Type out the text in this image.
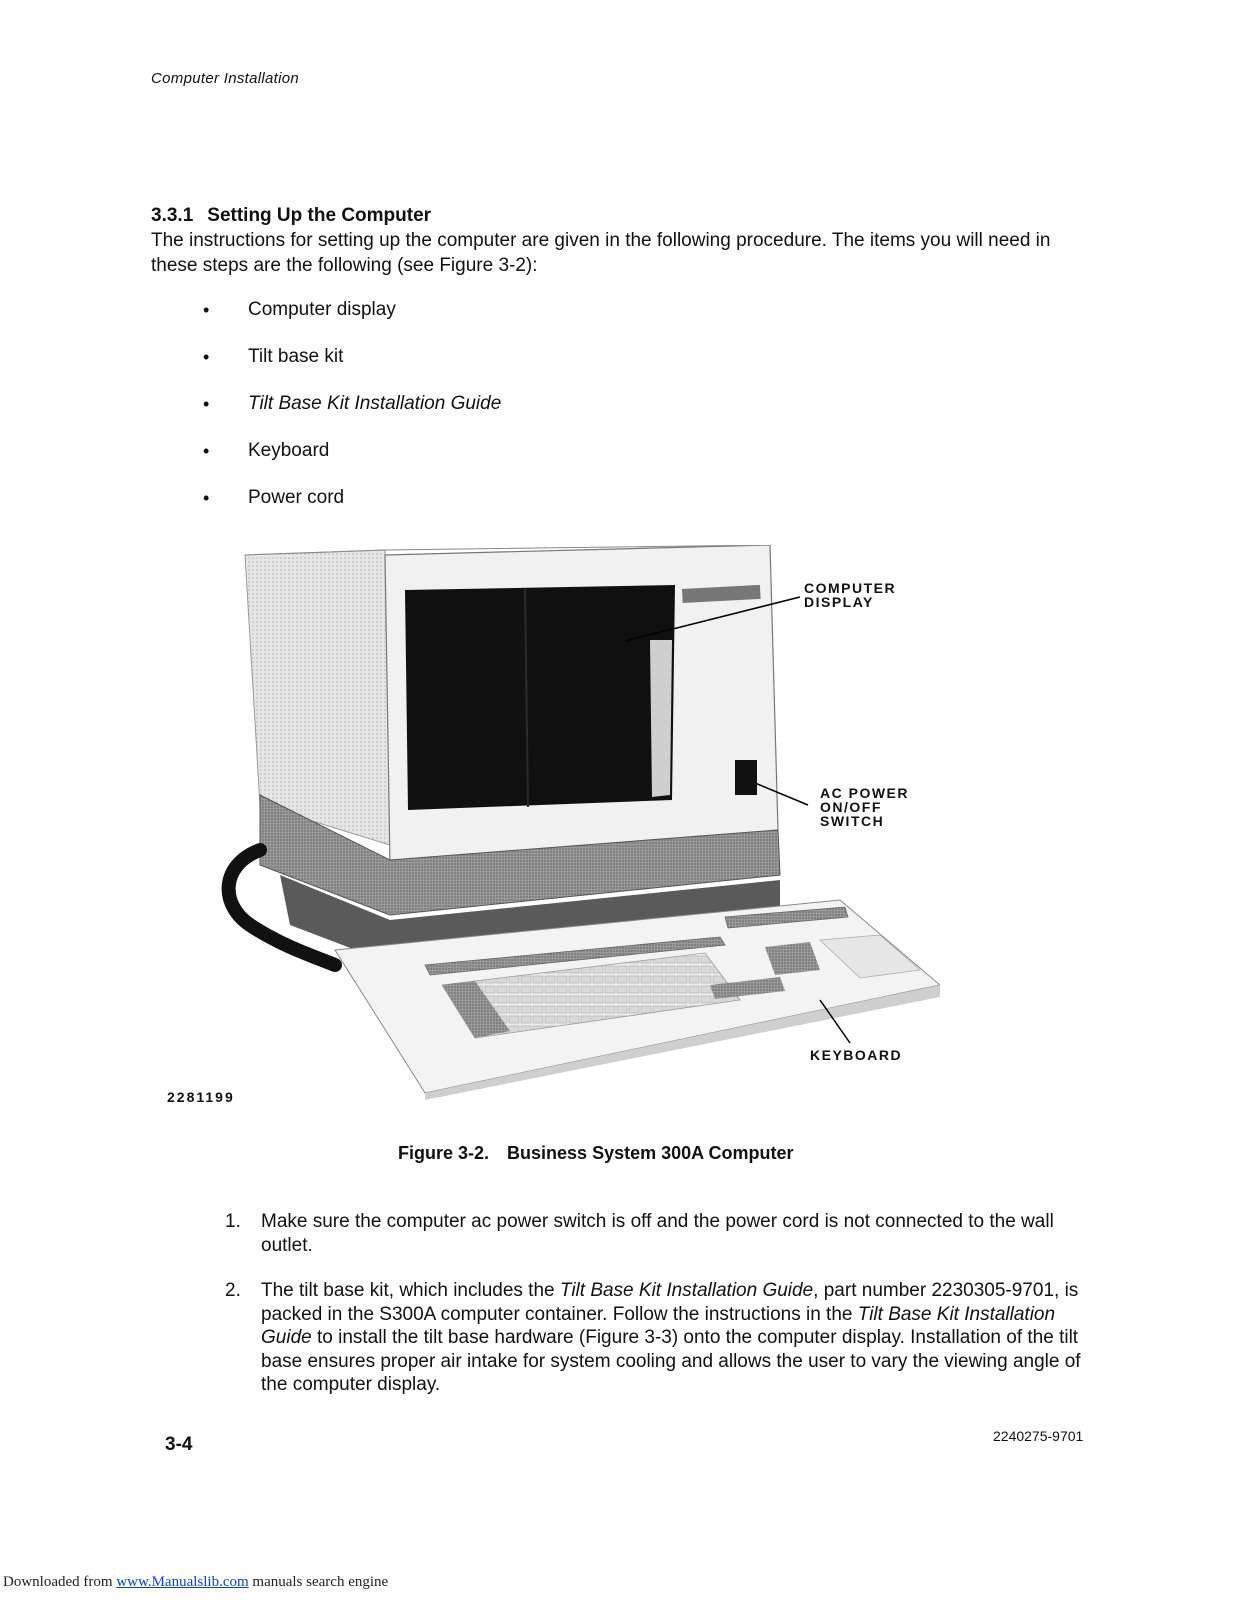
Computer Installation
3.3.1 Setting Up the Computer
The instructions for setting up the computer are given in the following procedure. The items you will need in these steps are the following (see Figure 3-2):
• Computer display
• Tilt base kit
• Tilt Base Kit Installation Guide
• Keyboard
• Power cord
COMPUTER
DISPLAY
AC POWER
ON/OFF
SWITCH
KEYBOARD
2281199
Figure 3-2. Business System 300A Computer
1. Make sure the computer ac power switch is off and the power cord is not connected to the wall outlet.
2. The tilt base kit, which includes the Tilt Base Kit Installation Guide, part number 2230305-9701, is packed in the S300A computer container. Follow the instructions in the Tilt Base Kit Installation Guide to install the tilt base hardware (Figure 3-3) onto the computer display. Installation of the tilt base ensures proper air intake for system cooling and allows the user to vary the viewing angle of the computer display.
3-4	2240275-9701
Downloaded from www.Manualslib.com manuals search engine
